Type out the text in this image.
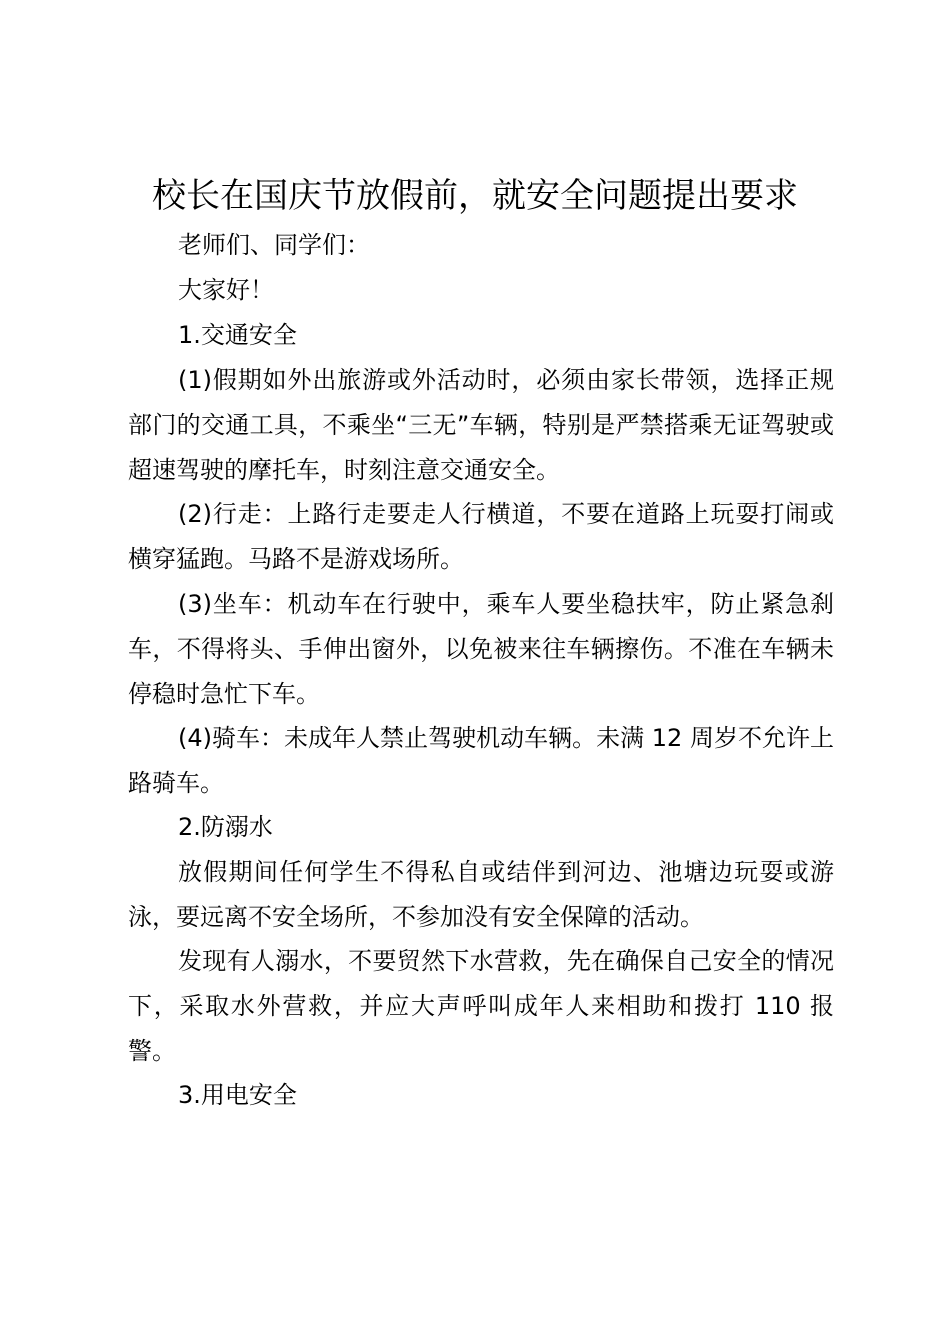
校长在国庆节放假前，就安全问题提出要求

老师们、同学们：

大家好！

1.交通安全

(1)假期如外出旅游或外活动时，必须由家长带领，选择正规部门的交通工具，不乘坐“三无”车辆，特别是严禁搭乘无证驾驶或超速驾驶的摩托车，时刻注意交通安全。

(2)行走：上路行走要走人行横道，不要在道路上玩耍打闹或横穿猛跑。马路不是游戏场所。

(3)坐车：机动车在行驶中，乘车人要坐稳扶牢，防止紧急刹车，不得将头、手伸出窗外，以免被来往车辆擦伤。不准在车辆未停稳时急忙下车。

(4)骑车：未成年人禁止驾驶机动车辆。未满 12 周岁不允许上路骑车。

2.防溺水

放假期间任何学生不得私自或结伴到河边、池塘边玩耍或游泳，要远离不安全场所，不参加没有安全保障的活动。

发现有人溺水，不要贸然下水营救，先在确保自己安全的情况下，采取水外营救，并应大声呼叫成年人来相助和拨打 110 报警。

3.用电安全
